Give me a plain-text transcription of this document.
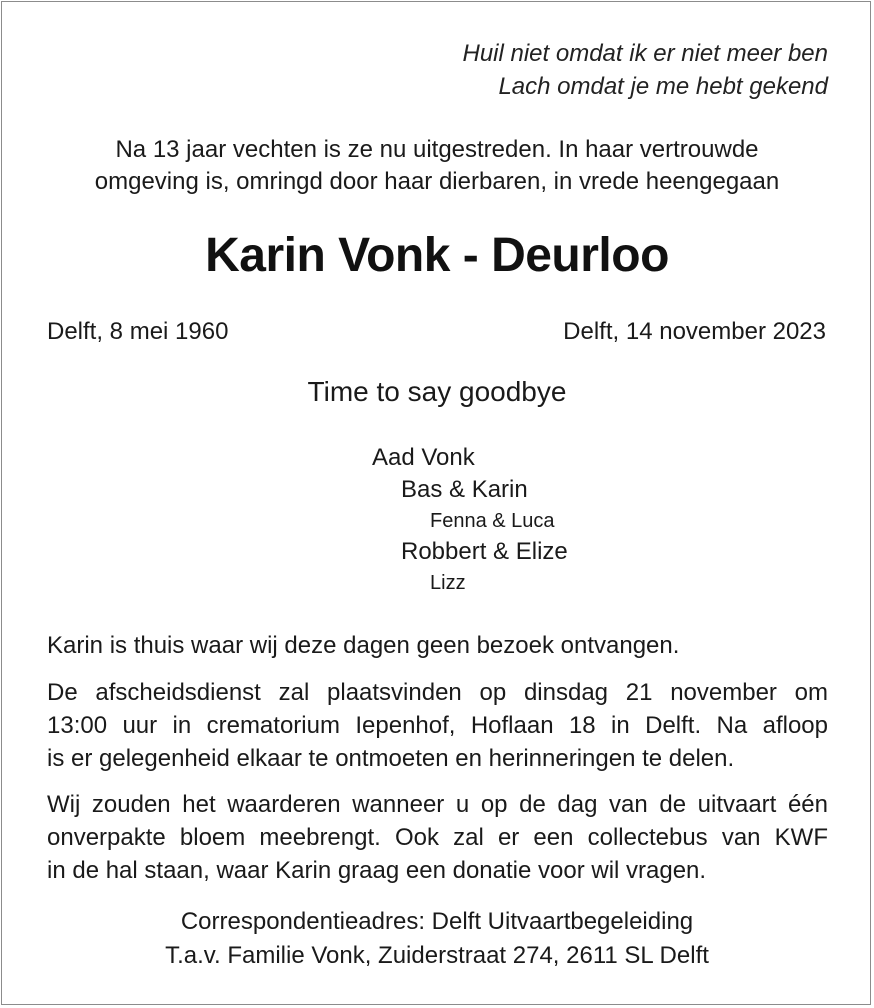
Huil niet omdat ik er niet meer ben
Lach omdat je me hebt gekend
Na 13 jaar vechten is ze nu uitgestreden. In haar vertrouwde
omgeving is, omringd door haar dierbaren, in vrede heengegaan
Karin Vonk - Deurloo
Delft, 8 mei 1960	Delft, 14 november 2023
Time to say goodbye
Aad Vonk
Bas & Karin
Fenna & Luca
Robbert & Elize
Lizz
Karin is thuis waar wij deze dagen geen bezoek ontvangen.
De afscheidsdienst zal plaatsvinden op dinsdag 21 november om
13:00 uur in crematorium Iepenhof, Hoflaan 18 in Delft. Na afloop
is er gelegenheid elkaar te ontmoeten en herinneringen te delen.
Wij zouden het waarderen wanneer u op de dag van de uitvaart één
onverpakte bloem meebrengt. Ook zal er een collectebus van KWF
in de hal staan, waar Karin graag een donatie voor wil vragen.
Correspondentieadres: Delft Uitvaartbegeleiding
T.a.v. Familie Vonk, Zuiderstraat 274, 2611 SL Delft
